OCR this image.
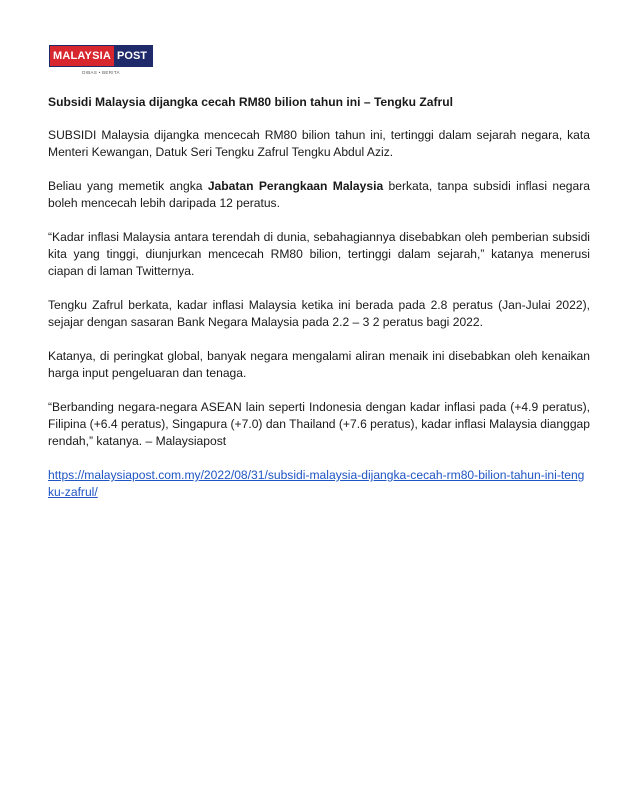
MALAYSIA POST
DIBAS • BERITA

Subsidi Malaysia dijangka cecah RM80 bilion tahun ini – Tengku Zafrul

SUBSIDI Malaysia dijangka mencecah RM80 bilion tahun ini, tertinggi dalam sejarah negara, kata Menteri Kewangan, Datuk Seri Tengku Zafrul Tengku Abdul Aziz.

Beliau yang memetik angka Jabatan Perangkaan Malaysia berkata, tanpa subsidi inflasi negara boleh mencecah lebih daripada 12 peratus.

“Kadar inflasi Malaysia antara terendah di dunia, sebahagiannya disebabkan oleh pemberian subsidi kita yang tinggi, diunjurkan mencecah RM80 bilion, tertinggi dalam sejarah,” katanya menerusi ciapan di laman Twitternya.

Tengku Zafrul berkata, kadar inflasi Malaysia ketika ini berada pada 2.8 peratus (Jan-Julai 2022), sejajar dengan sasaran Bank Negara Malaysia pada 2.2 – 3 2 peratus bagi 2022.

Katanya, di peringkat global, banyak negara mengalami aliran menaik ini disebabkan oleh kenaikan harga input pengeluaran dan tenaga.

“Berbanding negara-negara ASEAN lain seperti Indonesia dengan kadar inflasi pada (+4.9 peratus), Filipina (+6.4 peratus), Singapura (+7.0) dan Thailand (+7.6 peratus), kadar inflasi Malaysia dianggap rendah,” katanya. – Malaysiapost

https://malaysiapost.com.my/2022/08/31/subsidi-malaysia-dijangka-cecah-rm80-bilion-tahun-ini-tengku-zafrul/
